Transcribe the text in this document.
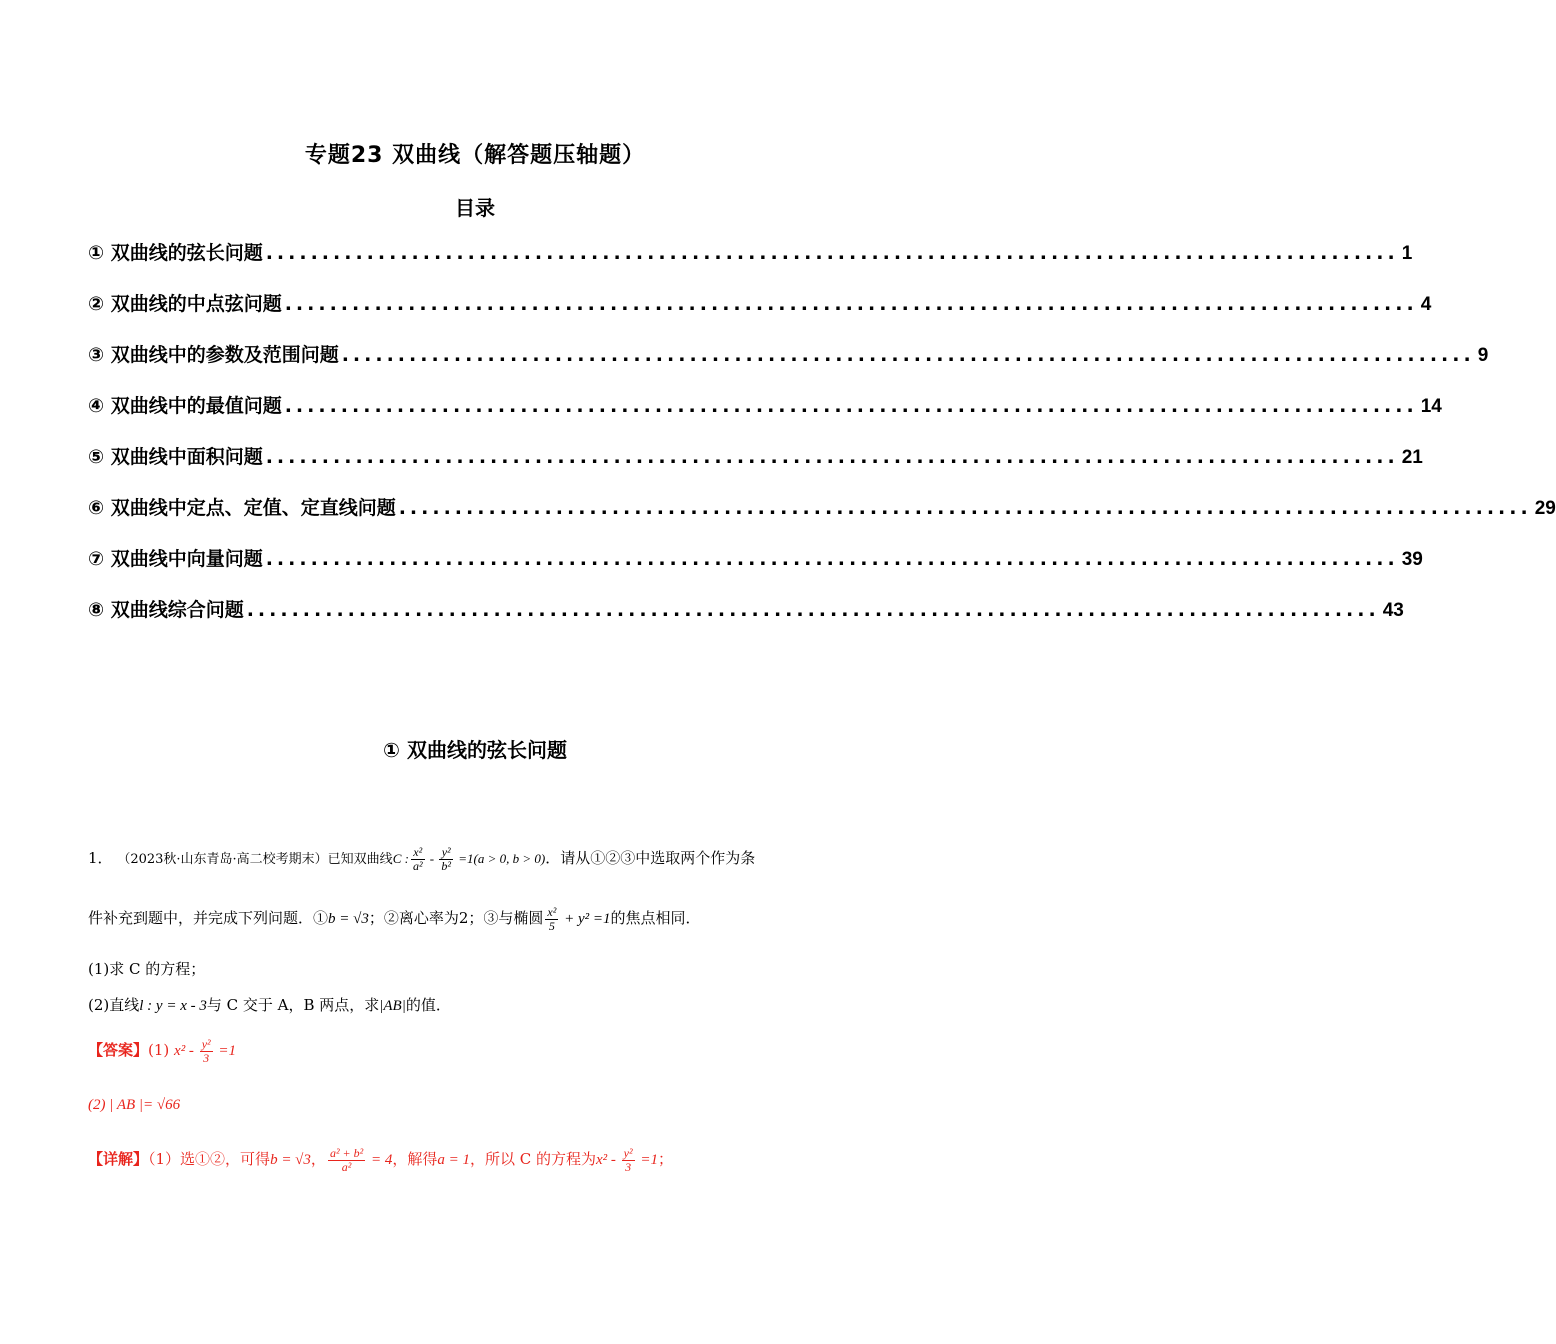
专题23 双曲线（解答题压轴题）
目录
① 双曲线的弦长问题 ..................................................................................................... 1
② 双曲线的中点弦问题 ..................................................................................................... 4
③ 双曲线中的参数及范围问题 ..................................................................................................... 9
④ 双曲线中的最值问题 ..................................................................................................... 14
⑤ 双曲线中面积问题 ..................................................................................................... 21
⑥ 双曲线中定点、定值、定直线问题 ..................................................................................................... 29
⑦ 双曲线中向量问题 ..................................................................................................... 39
⑧ 双曲线综合问题 ..................................................................................................... 43
① 双曲线的弦长问题
1． （2023秋·山东青岛·高二校考期末）已知双曲线C : $\frac{\text{x²}}{\text{a²}} - \frac{\text{y²}}{\text{b²}} =1(a > 0$, b > 0)．请从①②③中选取两个作为条
件补充到题中，并完成下列问题．①b = √3；②离心率为2；③与椭圆 $\frac{\text{x²}}{5} + y^2 =1$的焦点相同．
(1)求 C 的方程；
(2)直线l : y = x - 3与 C 交于 A，B 两点，求|AB|的值．
【答案】(1) $x^2 - \frac{\text{y²}}{3} =1$
(2) | AB |= √66
【详解】（1）选①②，可得b = √3， $\frac{\text{a² + b²}}{\text{a²}} = 4$，解得a = 1，所以 C 的方程为$x^2 - \frac{\text{y²}}{3} =1$；
